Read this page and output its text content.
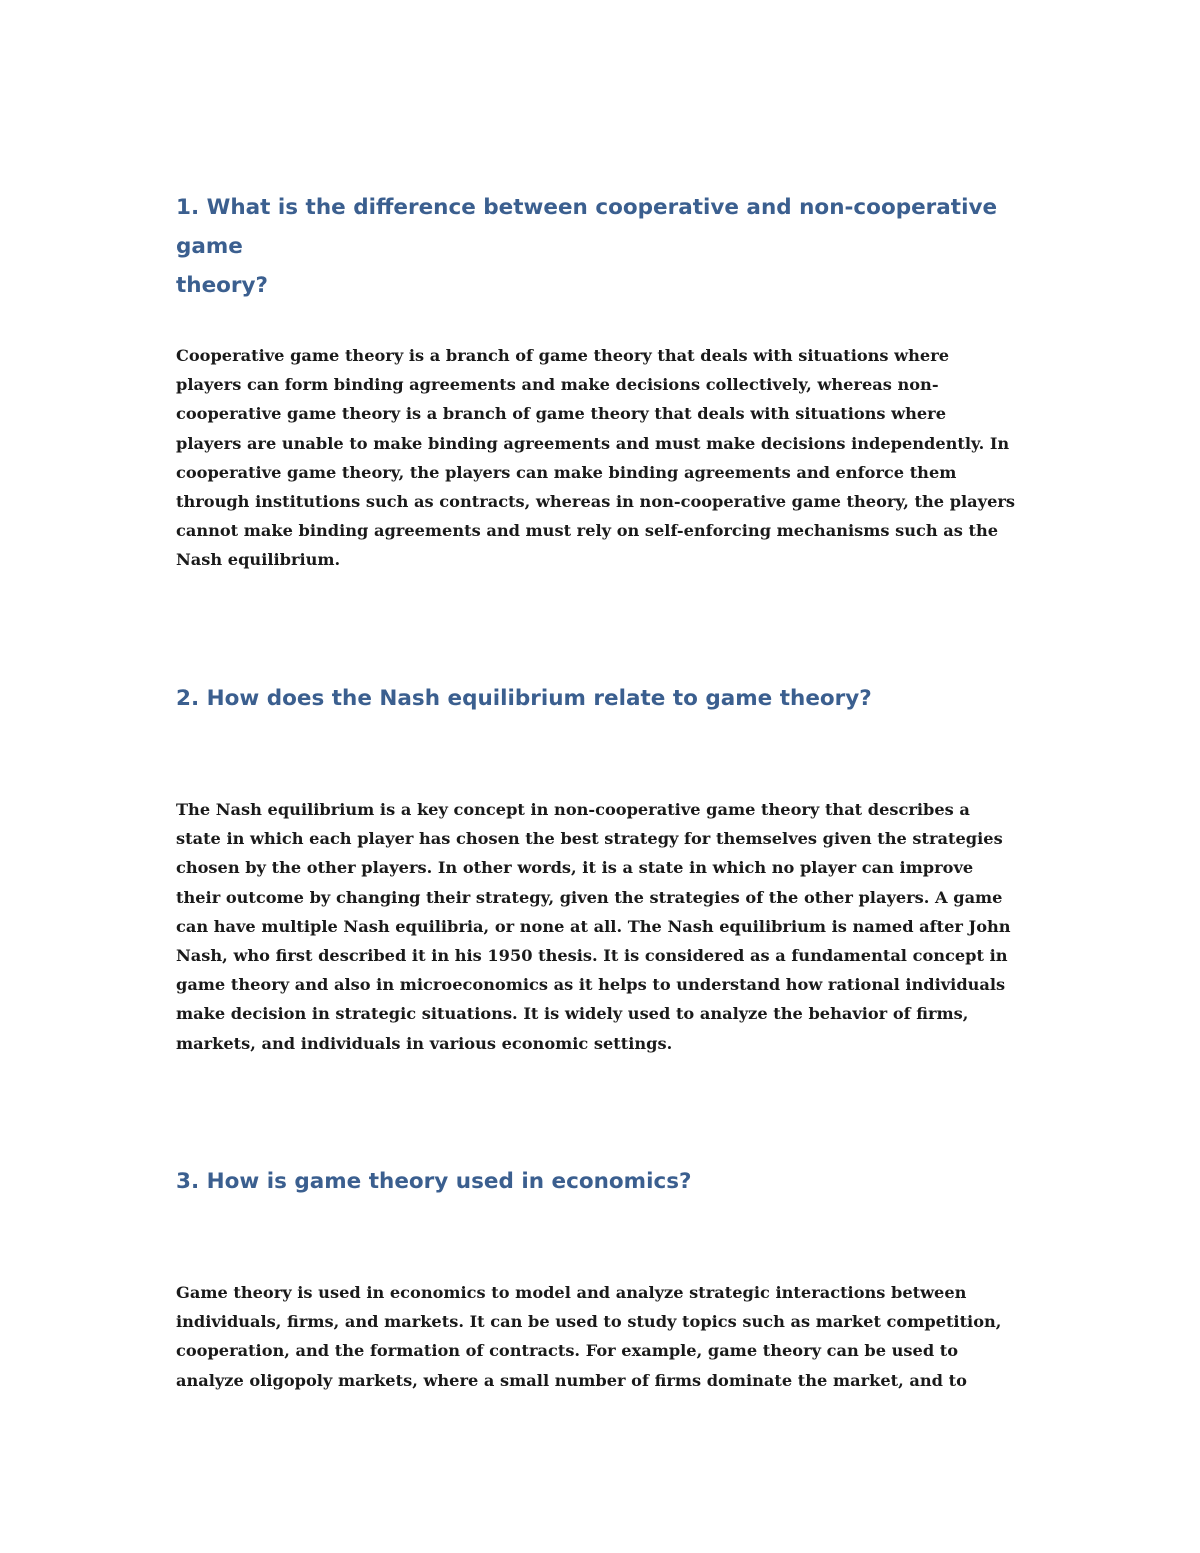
1. What is the difference between cooperative and non-cooperative game
theory?

Cooperative game theory is a branch of game theory that deals with situations where
players can form binding agreements and make decisions collectively, whereas non-
cooperative game theory is a branch of game theory that deals with situations where
players are unable to make binding agreements and must make decisions independently. In
cooperative game theory, the players can make binding agreements and enforce them
through institutions such as contracts, whereas in non-cooperative game theory, the players
cannot make binding agreements and must rely on self-enforcing mechanisms such as the
Nash equilibrium.

2. How does the Nash equilibrium relate to game theory?

The Nash equilibrium is a key concept in non-cooperative game theory that describes a
state in which each player has chosen the best strategy for themselves given the strategies
chosen by the other players. In other words, it is a state in which no player can improve
their outcome by changing their strategy, given the strategies of the other players. A game
can have multiple Nash equilibria, or none at all. The Nash equilibrium is named after John
Nash, who first described it in his 1950 thesis. It is considered as a fundamental concept in
game theory and also in microeconomics as it helps to understand how rational individuals
make decision in strategic situations. It is widely used to analyze the behavior of firms,
markets, and individuals in various economic settings.

3. How is game theory used in economics?

Game theory is used in economics to model and analyze strategic interactions between
individuals, firms, and markets. It can be used to study topics such as market competition,
cooperation, and the formation of contracts. For example, game theory can be used to
analyze oligopoly markets, where a small number of firms dominate the market, and to
